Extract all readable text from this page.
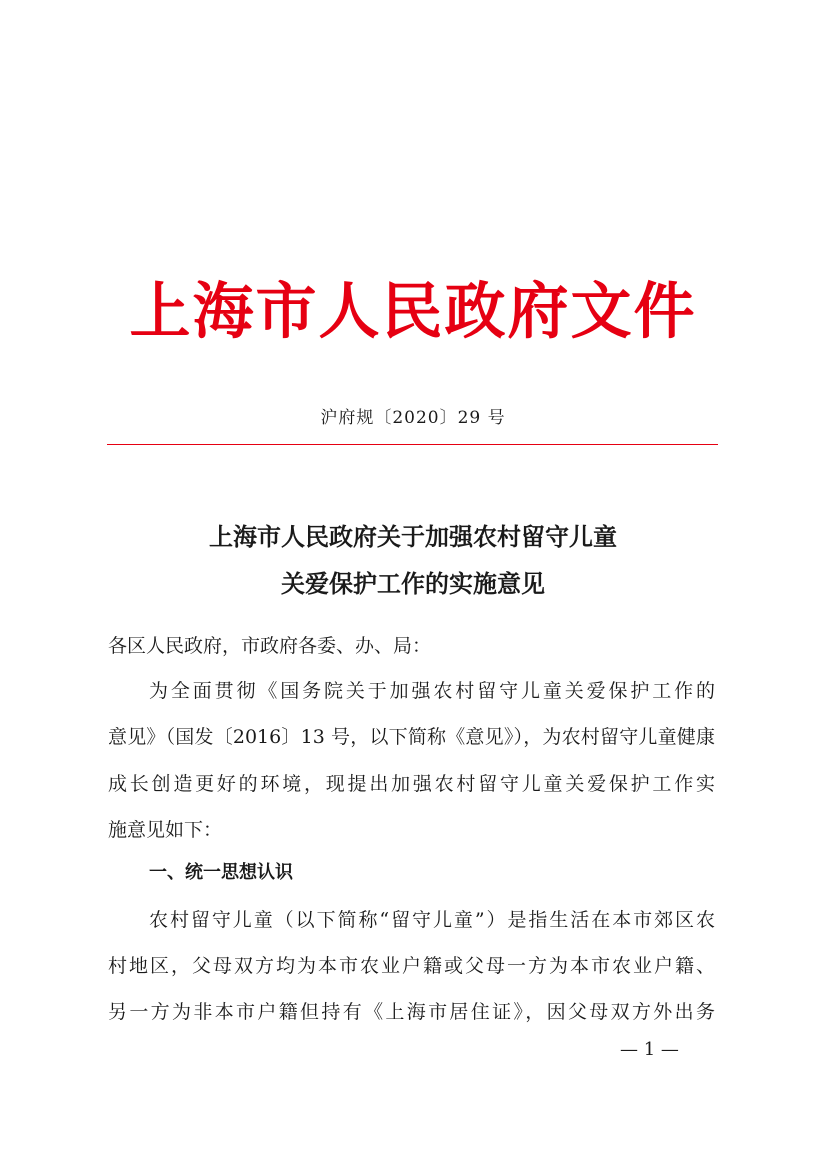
上海市人民政府文件
沪府规〔2020〕29 号
上海市人民政府关于加强农村留守儿童
关爱保护工作的实施意见
各区人民政府，市政府各委、办、局：
为全面贯彻《国务院关于加强农村留守儿童关爱保护工作的
意见》（国发〔2016〕13 号，以下简称《意见》），为农村留守儿童健康
成长创造更好的环境，现提出加强农村留守儿童关爱保护工作实
施意见如下：
一、统一思想认识
农村留守儿童（以下简称“留守儿童”）是指生活在本市郊区农
村地区，父母双方均为本市农业户籍或父母一方为本市农业户籍、
另一方为非本市户籍但持有《上海市居住证》，因父母双方外出务
— 1 —
